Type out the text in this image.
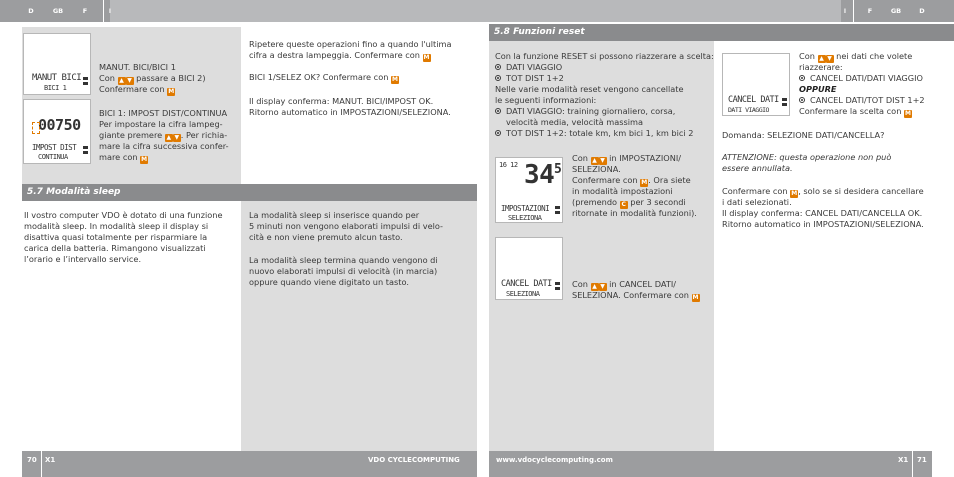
D	GB	F	I	I	F	GB	D
5.7 Modalità sleep
MANUT BICI
BICI 1
MANUT. BICI/BICI 1
Con ▲ ▼ passare a BICI 2)
Confermare con M
00750
IMPOST DIST
CONTINUA
BICI 1: IMPOST DIST/CONTINUA
Per impostare la cifra lampeg-
giante premere ▲ ▼ . Per richia-
mare la cifra successiva confer-
mare con M
Ripetere queste operazioni fino a quando l'ultima
cifra a destra lampeggia. Confermare con M
BICI 1/SELEZ OK? Confermare con M
Il display conferma: MANUT. BICI/IMPOST OK.
Ritorno automatico in IMPOSTAZIONI/SELEZIONA.
Il vostro computer VDO è dotato di una funzione
modalità sleep. In modalità sleep il display si
disattiva quasi totalmente per risparmiare la
carica della batteria. Rimangono visualizzati
l’orario e l’intervallo service.
La modalità sleep si inserisce quando per
5 minuti non vengono elaborati impulsi di velo-
cità e non viene premuto alcun tasto.
La modalità sleep termina quando vengono di
nuovo elaborati impulsi di velocità (in marcia)
oppure quando viene digitato un tasto.
5.8 Funzioni reset
Con la funzione RESET si possono riazzerare a scelta:
DATI VIAGGIO
TOT DIST 1+2
Nelle varie modalità reset vengono cancellate
le seguenti informazioni:
DATI VIAGGIO: training giornaliero, corsa,
velocità media, velocità massima
TOT DIST 1+2: totale km, km bici 1, km bici 2
16 12 34 5
IMPOSTAZIONI
SELEZIONA
Con ▲ ▼ in IMPOSTAZIONI/
SELEZIONA.
Confermare con M. Ora siete
in modalità impostazioni
(premendo C per 3 secondi
ritornate in modalità funzioni).
CANCEL DATI
SELEZIONA
Con ▲ ▼ in CANCEL DATI/
SELEZIONA. Confermare con M
CANCEL DATI
DATI VIAGGIO
Con ▲ ▼ nei dati che volete
riazzerare:
CANCEL DATI/DATI VIAGGIO
OPPURE
CANCEL DATI/TOT DIST 1+2
Confermare la scelta con M
Domanda: SELEZIONE DATI/CANCELLA?
ATTENZIONE: questa operazione non può
essere annullata.
Confermare con M, solo se si desidera cancellare
i dati selezionati.
Il display conferma: CANCEL DATI/CANCELLA OK.
Ritorno automatico in IMPOSTAZIONI/SELEZIONA.
70 X1	VDO CYCLECOMPUTING	www.vdocyclecomputing.com	X1 71
